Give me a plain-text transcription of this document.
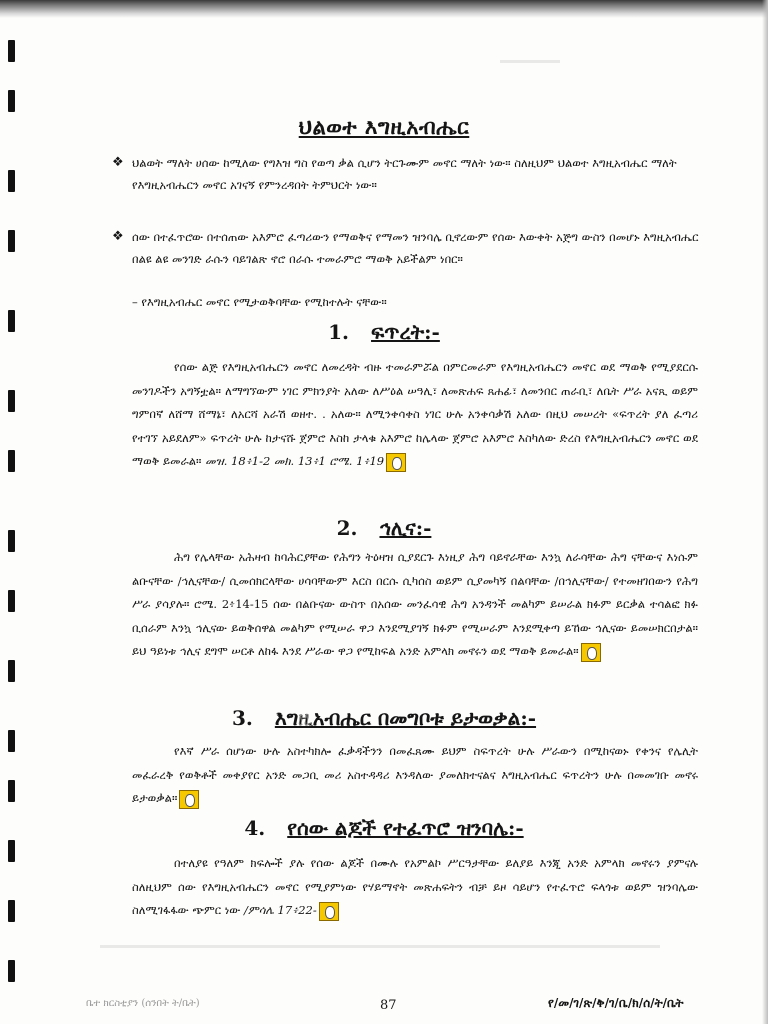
ህልወተ እግዚአብሔር

❖ ህልወት ማለት ሀሰው ከሚለው የግእዝ ግስ የወጣ ቃል ሲሆን ትርጉሙም መኖር ማለት ነው። ስለዚህም ህልወተ እግዚአብሔር ማለት የእግዚአብሔርን መኖር አገናኝ የምንረዳበት ትምህርት ነው።

❖ ሰው በተፈጥሮው በተሰጠው አእምሮ ፈጣሪውን የማወቅና የማመን ዝንባሌ ቢኖረውም የሰው እውቀት አጅግ ውስን በመሆኑ እግዚአብሔር በልዩ ልዩ መንገድ ራሱን ባይገልጽ ኖሮ በራሱ ተመራምሮ ማወቅ አይችልም ነበር።

– የእግዚአብሔር መኖር የሚታወቅባቸው የሚከተሉት ናቸው።

1. ፍጥረት:-

የሰው ልጅ የእግዚአብሔርን መኖር ለመረዳት ብዙ ተመራምሯል በምርመራም የእግዚአብሔርን መኖር ወደ ማወቅ የሚያደርሱ መንገዶችን አግኝቷል። ለማግኘውም ነገር ምክንያት አለው ለሥዕል ሠዓሊ፣ ለመጽሐፍ ጸሐፊ፣ ለመንበር ጠራቢ፣ ለቤት ሥራ አናጺ ወይም ግምበኛ ለሸማ ሸማኔ፣ ለአርሻ አራሽ ወዘተ. . አለው። ለሚንቀሳቀስ ነገር ሁሉ አንቀሳቃሽ አለው በዚህ መሠረት «ፍጥረት ያለ ፈጣሪ የተገኘ አይደለም» ፍጥረት ሁሉ ከታናሹ ጀምሮ እስከ ታላቁ አእምሮ ከሌላው ጀምሮ አእምሮ እስካለው ድረስ የእግዚአብሔርን መኖር ወደ ማወቅ ይመራል። መዝ. 18፥1-2 መክ. 13፥1 ሮሜ. 1፥19

2. ኅሊና:-

ሕግ የሌላቸው አሕዛብ ከባሕርያቸው የሕግን ትዕዛዝ ሲያደርጉ እነዚያ ሕግ ባይኖራቸው እንኳ ለራሳቸው ሕግ ናቸውና እነሱም ልቡናቸው /ኅሊናቸው/ ሲመሰክርላቸው ሀሳባቸውም እርስ በርሱ ሲካሰስ ወይም ሲያመካኝ በልባቸው /በኅሊናቸው/ የተመዘገበውን የሕግ ሥራ ያሳያሉ። ሮሜ. 2፥14-15 ሰው በልቡናው ውስጥ በአሰው መንፈሳዊ ሕግ አንዳንች መልካም ይሠራል ክፉም ይርቃል ተሳልፎ ክፉ ቢሰራም እንኳ ኅሊናው ይወቅሰዋል መልካም የሚሠራ ዋጋ እንደሚያገኝ ክፉም የሚሠራም እንደሚቀጣ ይኸው ኅሊናው ይመሠክርበታል። ይህ ዓይነቱ ኅሊና ደግሞ ሠርቶ ለከፋ እንደ ሥራው ዋጋ የሚከፍል አንድ አምላክ መኖሩን ወደ ማወቅ ይመራል።

3. እግዚአብሔር በመግቦቱ ይታወቃል:-

የእኛ ሥራ ሰሆነው ሁሉ አስተካክሎ ፈቃዳችንን በመፈጸሙ ይህም ስፍጥረት ሁሉ ሥራውን በሚከናወኑ የቀንና የሌሊት መፈራረቅ የወቅቶች መቀያየር አንድ መጋቢ መሪ አስተዳዳሪ እንዳለው ያመለክተናልና እግዚአብሔር ፍጥረትን ሁሉ በመመገቡ መኖሩ ይታወቃል።

4. የሰው ልጆች የተፈጥሮ ዝንባሌ:-

በተለያዩ የዓለም ክፍሎች ያሉ የሰው ልጆች በሙሉ የአምልኮ ሥርዓታቸው ይለያይ እንጂ አንድ አምላክ መኖሩን ያምናሉ ስለዚህም ሰው የእግዚአብሔርን መኖር የሚያምነው የሃይማኖት መጽሐፍትን ብቻ ይዞ ሳይሆን የተፈጥሮ ፍላጎቱ ወይም ዝንባሌው ስለሚገፋፋው ጭምር ነው /ምሳሌ 17፥22-

ቤተ ክርስቲያን (ሰንበት ት/ቤት)	87	የ/መ/ገ/ጽ/ቅ/ገ/ቤ/ክ/ሰ/ት/ቤት
